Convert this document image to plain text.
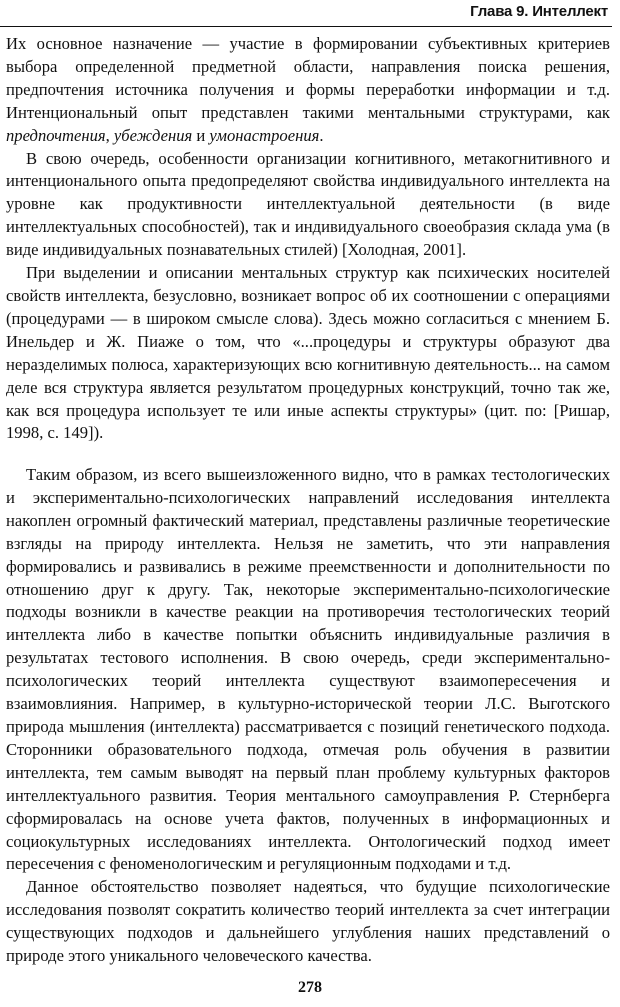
Глава 9. Интеллект

Их основное назначение — участие в формировании субъективных критериев выбора определенной предметной области, направления поиска решения, предпочтения источника получения и формы переработки информации и т.д. Интенциональный опыт представлен такими ментальными структурами, как предпочтения, убеждения и умонастроения.

В свою очередь, особенности организации когнитивного, метакогнитивного и интенционального опыта предопределяют свойства индивидуального интеллекта на уровне как продуктивности интеллектуальной деятельности (в виде интеллектуальных способностей), так и индивидуального своеобразия склада ума (в виде индивидуальных познавательных стилей) [Холодная, 2001].

При выделении и описании ментальных структур как психических носителей свойств интеллекта, безусловно, возникает вопрос об их соотношении с операциями (процедурами — в широком смысле слова). Здесь можно согласиться с мнением Б. Инельдер и Ж. Пиаже о том, что «...процедуры и структуры образуют два неразделимых полюса, характеризующих всю когнитивную деятельность... на самом деле вся структура является результатом процедурных конструкций, точно так же, как вся процедура использует те или иные аспекты структуры» (цит. по: [Ришар, 1998, с. 149]).

Таким образом, из всего вышеизложенного видно, что в рамках тестологических и экспериментально-психологических направлений исследования интеллекта накоплен огромный фактический материал, представлены различные теоретические взгляды на природу интеллекта. Нельзя не заметить, что эти направления формировались и развивались в режиме преемственности и дополнительности по отношению друг к другу. Так, некоторые экспериментально-психологические подходы возникли в качестве реакции на противоречия тестологических теорий интеллекта либо в качестве попытки объяснить индивидуальные различия в результатах тестового исполнения. В свою очередь, среди экспериментально-психологических теорий интеллекта существуют взаимопересечения и взаимовлияния. Например, в культурно-исторической теории Л.С. Выготского природа мышления (интеллекта) рассматривается с позиций генетического подхода. Сторонники образовательного подхода, отмечая роль обучения в развитии интеллекта, тем самым выводят на первый план проблему культурных факторов интеллектуального развития. Теория ментального самоуправления Р. Стернберга сформировалась на основе учета фактов, полученных в информационных и социокультурных исследованиях интеллекта. Онтологический подход имеет пересечения с феноменологическим и регуляционным подходами и т.д.

Данное обстоятельство позволяет надеяться, что будущие психологические исследования позволят сократить количество теорий интеллекта за счет интеграции существующих подходов и дальнейшего углубления наших представлений о природе этого уникального человеческого качества.

278
